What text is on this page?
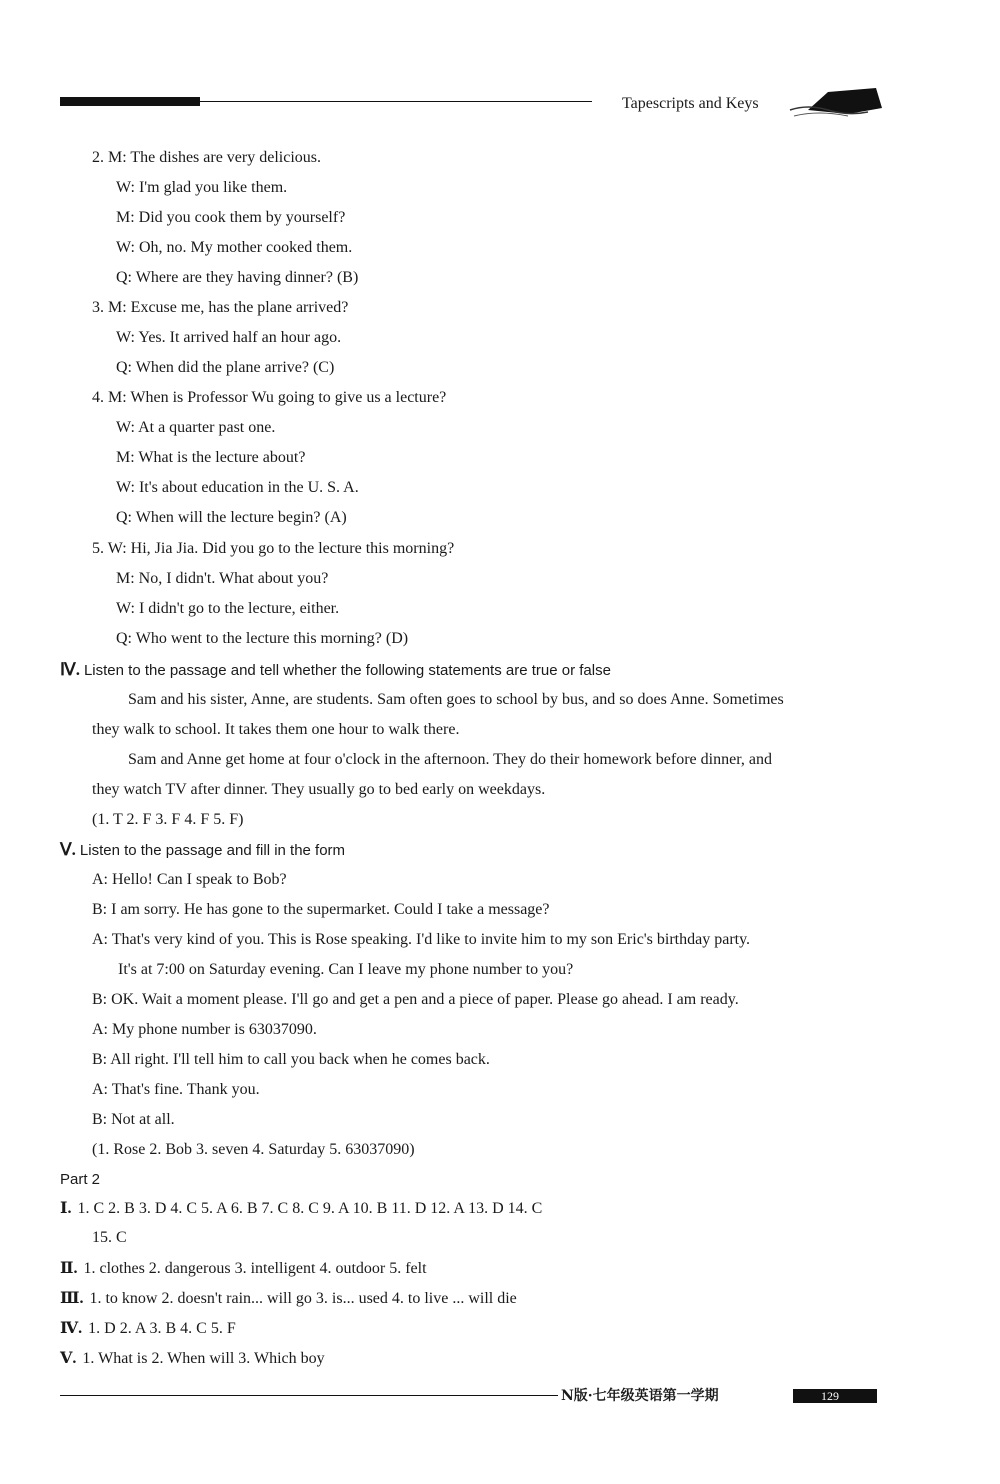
Tapescripts and Keys
2. M: The dishes are very delicious.
W: I'm glad you like them.
M: Did you cook them by yourself?
W: Oh, no. My mother cooked them.
Q: Where are they having dinner? (B)
3. M: Excuse me, has the plane arrived?
W: Yes. It arrived half an hour ago.
Q: When did the plane arrive? (C)
4. M: When is Professor Wu going to give us a lecture?
W: At a quarter past one.
M: What is the lecture about?
W: It's about education in the U. S. A.
Q: When will the lecture begin? (A)
5. W: Hi, Jia Jia. Did you go to the lecture this morning?
M: No, I didn't. What about you?
W: I didn't go to the lecture, either.
Q: Who went to the lecture this morning? (D)
Ⅳ. Listen to the passage and tell whether the following statements are true or false
Sam and his sister, Anne, are students. Sam often goes to school by bus, and so does Anne. Sometimes
they walk to school. It takes them one hour to walk there.
Sam and Anne get home at four o'clock in the afternoon. They do their homework before dinner, and
they watch TV after dinner. They usually go to bed early on weekdays.
(1. T 2. F 3. F 4. F 5. F)
Ⅴ. Listen to the passage and fill in the form
A: Hello! Can I speak to Bob?
B: I am sorry. He has gone to the supermarket. Could I take a message?
A: That's very kind of you. This is Rose speaking. I'd like to invite him to my son Eric's birthday party.
It's at 7:00 on Saturday evening. Can I leave my phone number to you?
B: OK. Wait a moment please. I'll go and get a pen and a piece of paper. Please go ahead. I am ready.
A: My phone number is 63037090.
B: All right. I'll tell him to call you back when he comes back.
A: That's fine. Thank you.
B: Not at all.
(1. Rose 2. Bob 3. seven 4. Saturday 5. 63037090)
Part 2
Ⅰ. 1. C 2. B 3. D 4. C 5. A 6. B 7. C 8. C 9. A 10. B 11. D 12. A 13. D 14. C
15. C
Ⅱ. 1. clothes 2. dangerous 3. intelligent 4. outdoor 5. felt
Ⅲ. 1. to know 2. doesn't rain... will go 3. is... used 4. to live ... will die
Ⅳ. 1. D 2. A 3. B 4. C 5. F
Ⅴ. 1. What is 2. When will 3. Which boy
N版·七年级英语第一学期	129
